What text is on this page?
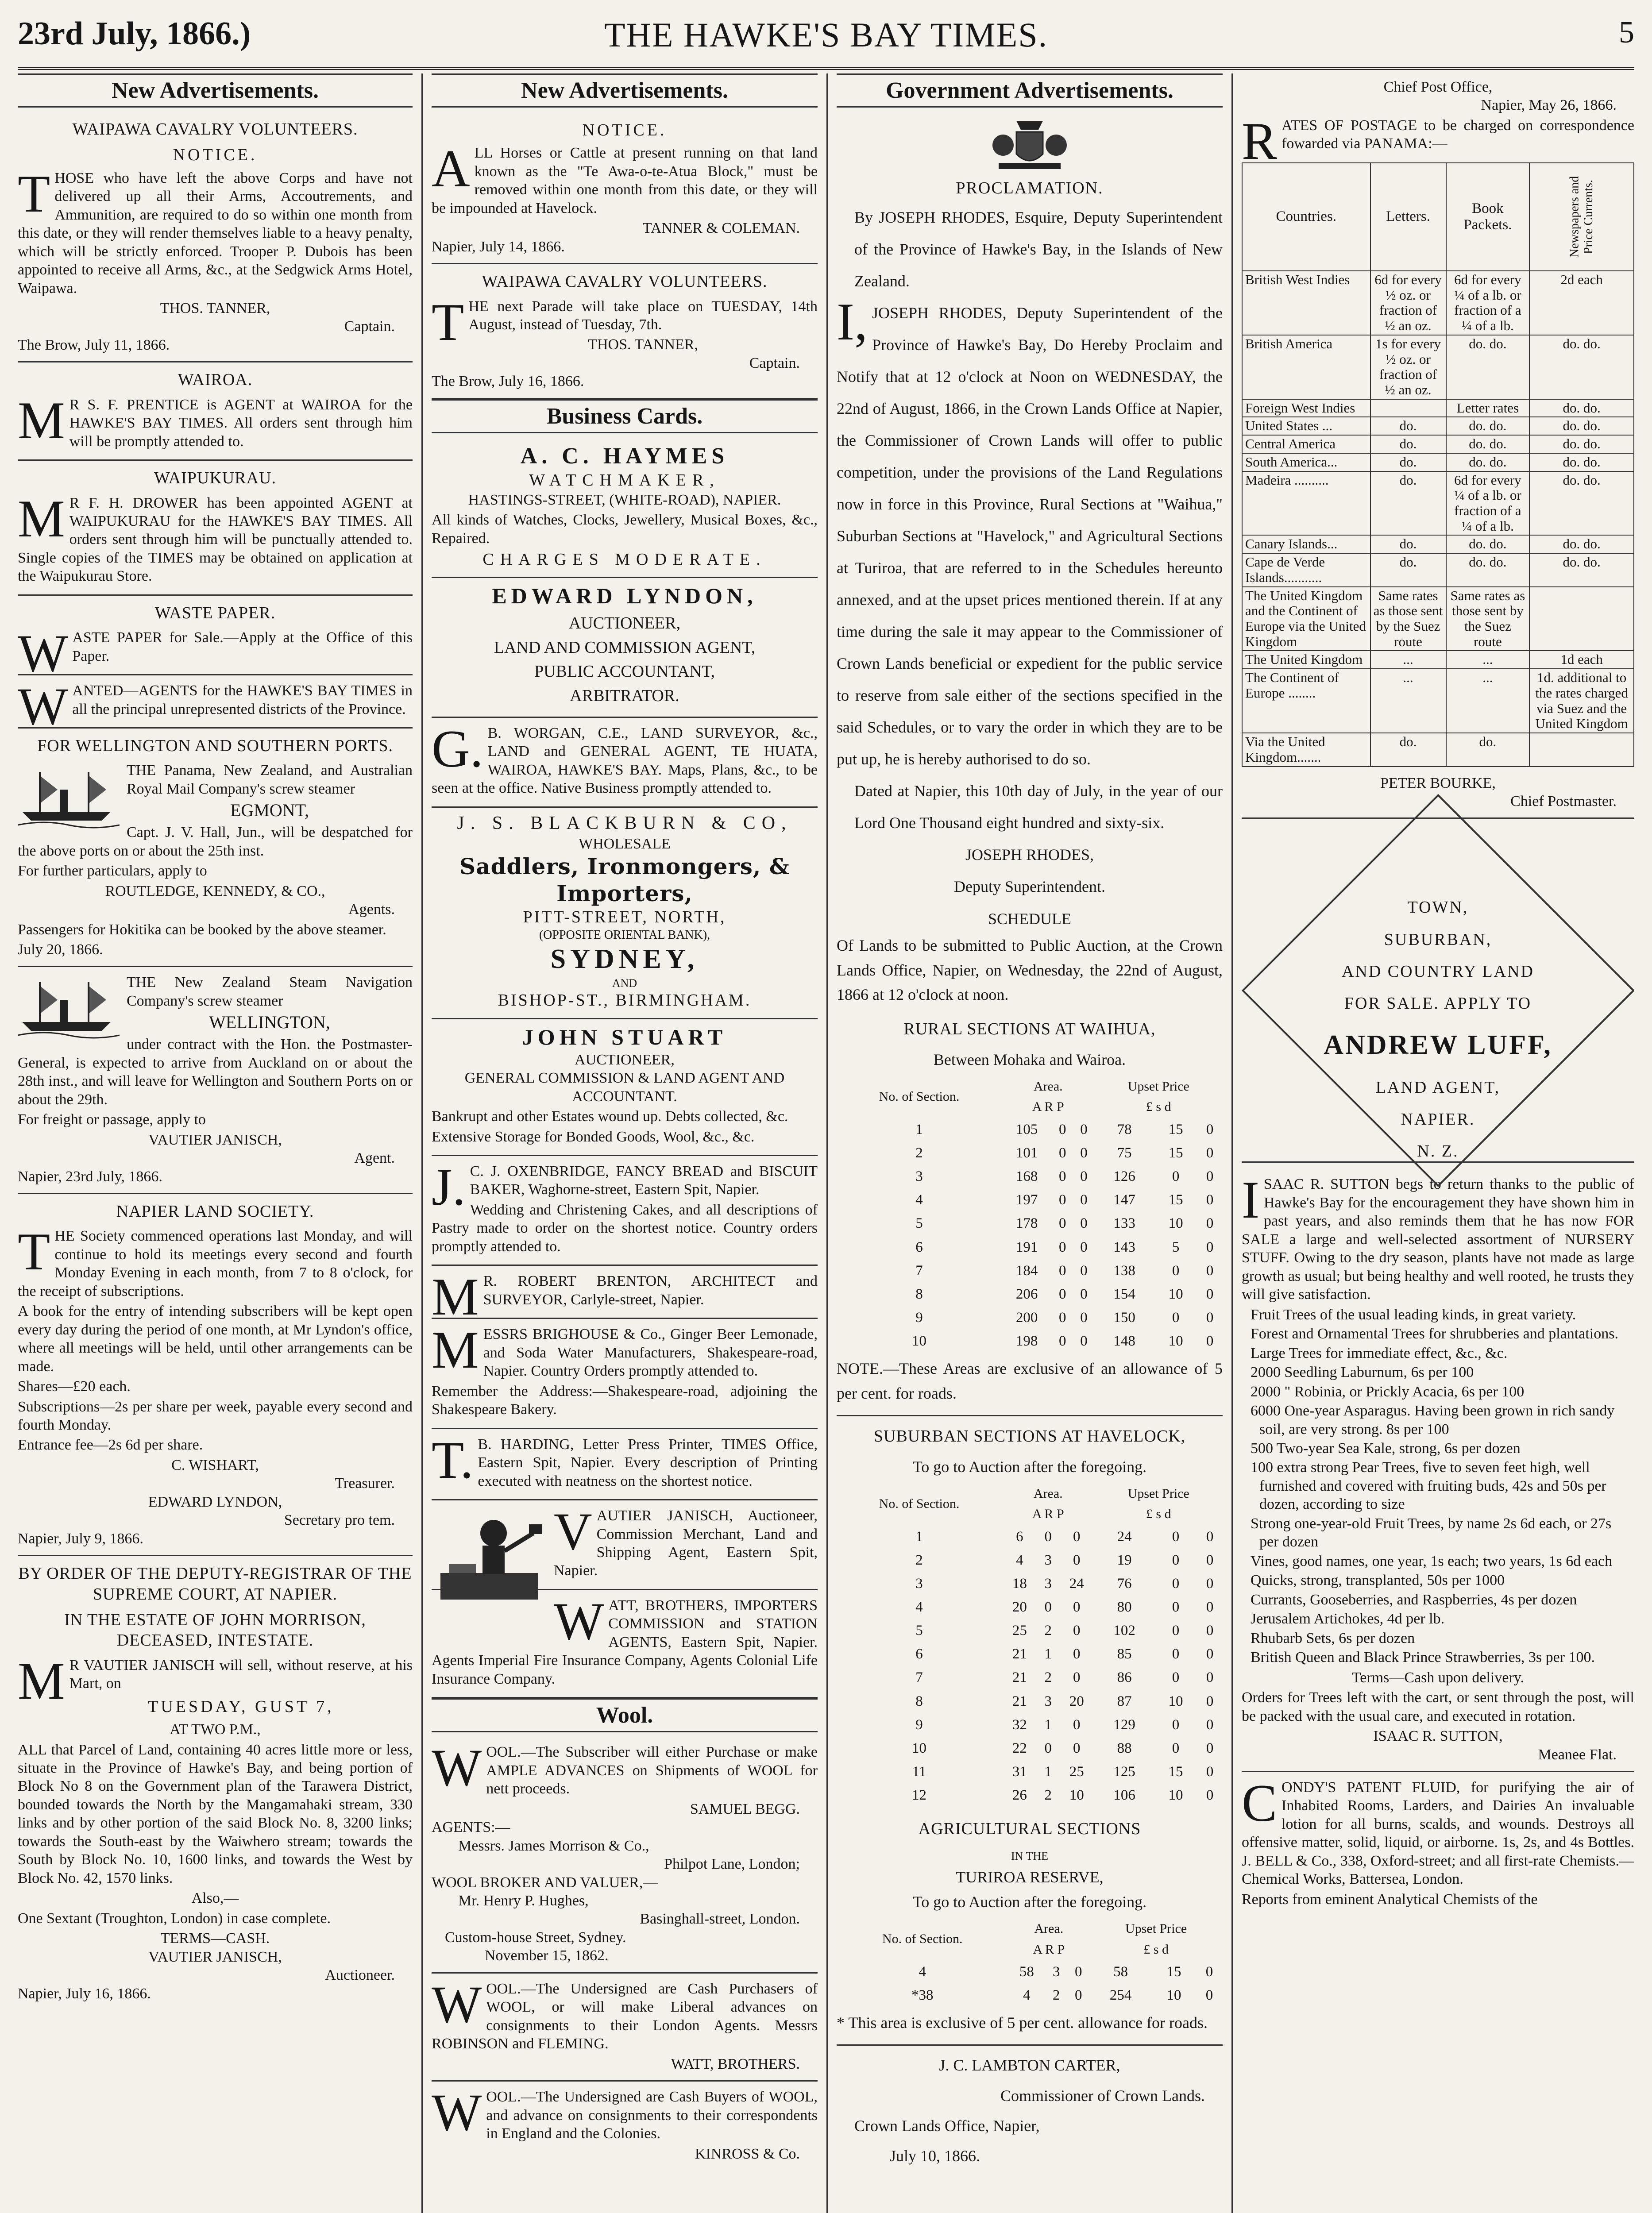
23rd July, 1866.)	THE HAWKE'S BAY TIMES.	5
New Advertisements.
WAIPAWA CAVALRY VOLUNTEERS.
NOTICE.

THOSE who have left the above Corps and have not delivered up all their Arms, Accoutrements, and Ammunition, are required to do so within one month from this date, or they will render themselves liable to a heavy penalty, which will be strictly enforced. Trooper P. Dubois has been appointed to receive all Arms, &c., at the Sedgwick Arms Hotel, Waipawa.

THOS. TANNER,
Captain.
The Brow, July 11, 1866.
WAIROA.

MR S. F. PRENTICE is AGENT at WAIROA for the HAWKE'S BAY TIMES. All orders sent through him will be promptly attended to.

WAIPUKURAU.

MR F. H. DROWER has been appointed AGENT at WAIPUKURAU for the HAWKE'S BAY TIMES. All orders sent through him will be punctually attended to. Single copies of the TIMES may be obtained on application at the Waipukurau Store.

WASTE PAPER.

WASTE PAPER for Sale.—Apply at the Office of this Paper.

WANTED—AGENTS for the HAWKE'S BAY TIMES in all the principal unrepresented districts of the Province.

FOR WELLINGTON AND SOUTHERN PORTS.

THE Panama, New Zealand, and Australian Royal Mail Company's screw steamer

EGMONT,

Capt. J. V. Hall, Jun., will be despatched for the above ports on or about the 25th inst.

For further particulars, apply to

ROUTLEDGE, KENNEDY, & CO.,
Agents.

Passengers for Hokitika can be booked by the above steamer.

July 20, 1866.

THE New Zealand Steam Navigation Company's screw steamer

WELLINGTON,

under contract with the Hon. the Postmaster-General, is expected to arrive from Auckland on or about the 28th inst., and will leave for Wellington and Southern Ports on or about the 29th.

For freight or passage, apply to

VAUTIER JANISCH,
Agent.
Napier, 23rd July, 1866.
NAPIER LAND SOCIETY.

THE Society commenced operations last Monday, and will continue to hold its meetings every second and fourth Monday Evening in each month, from 7 to 8 o'clock, for the receipt of subscriptions.

A book for the entry of intending subscribers will be kept open every day during the period of one month, at Mr Lyndon's office, where all meetings will be held, until other arrangements can be made.

Shares—£20 each.

Subscriptions—2s per share per week, payable every second and fourth Monday.

Entrance fee—2s 6d per share.

C. WISHART,
Treasurer.
EDWARD LYNDON,
Secretary pro tem.
Napier, July 9, 1866.
BY ORDER OF THE DEPUTY-REGISTRAR OF THE SUPREME COURT, AT NAPIER.
IN THE ESTATE OF JOHN MORRISON, DECEASED, INTESTATE.

MR VAUTIER JANISCH will sell, without reserve, at his Mart, on

TUESDAY, GUST 7,
AT TWO P.M.,

ALL that Parcel of Land, containing 40 acres little more or less, situate in the Province of Hawke's Bay, and being portion of Block No 8 on the Government plan of the Tarawera District, bounded towards the North by the Mangamahaki stream, 330 links and by other portion of the said Block No. 8, 3200 links; towards the South-east by the Waiwhero stream; towards the South by Block No. 10, 1600 links, and towards the West by Block No. 42, 1570 links.

Also,—

One Sextant (Troughton, London) in case complete.

TERMS—CASH.
VAUTIER JANISCH,
Auctioneer.
Napier, July 16, 1866.
New Advertisements.
NOTICE.

ALL Horses or Cattle at present running on that land known as the "Te Awa-o-te-Atua Block," must be removed within one month from this date, or they will be impounded at Havelock.

TANNER & COLEMAN.
Napier, July 14, 1866.
WAIPAWA CAVALRY VOLUNTEERS.

THE next Parade will take place on TUESDAY, 14th August, instead of Tuesday, 7th.

THOS. TANNER,
Captain.
The Brow, July 16, 1866.
Business Cards.
A. C. HAYMES
WATCHMAKER,
HASTINGS-STREET, (WHITE-ROAD), NAPIER.

All kinds of Watches, Clocks, Jewellery, Musical Boxes, &c., Repaired.

CHARGES MODERATE.
EDWARD LYNDON,
AUCTIONEER,
LAND AND COMMISSION AGENT,
PUBLIC ACCOUNTANT,
ARBITRATOR.

G.B. WORGAN, C.E., LAND SURVEYOR, &c., LAND and GENERAL AGENT, TE HUATA, WAIROA, HAWKE'S BAY. Maps, Plans, &c., to be seen at the office. Native Business promptly attended to.

J. S. BLACKBURN & CO,
WHOLESALE
Saddlers, Ironmongers, & Importers,
PITT-STREET, NORTH,
(OPPOSITE ORIENTAL BANK),
SYDNEY,
AND
BISHOP-ST., BIRMINGHAM.
JOHN STUART
AUCTIONEER,
GENERAL COMMISSION & LAND AGENT AND ACCOUNTANT.

Bankrupt and other Estates wound up. Debts collected, &c.

Extensive Storage for Bonded Goods, Wool, &c., &c.

J.C. J. OXENBRIDGE, FANCY BREAD and BISCUIT BAKER, Waghorne-street, Eastern Spit, Napier.

Wedding and Christening Cakes, and all descriptions of Pastry made to order on the shortest notice. Country orders promptly attended to.

MR. ROBERT BRENTON, ARCHITECT and SURVEYOR, Carlyle-street, Napier.

MESSRS BRIGHOUSE & Co., Ginger Beer Lemonade, and Soda Water Manufacturers, Shakespeare-road, Napier. Country Orders promptly attended to.

Remember the Address:—Shakespeare-road, adjoining the Shakespeare Bakery.

T.B. HARDING, Letter Press Printer, TIMES Office, Eastern Spit, Napier. Every description of Printing executed with neatness on the shortest notice.

VAUTIER JANISCH, Auctioneer, Commission Merchant, Land and Shipping Agent, Eastern Spit, Napier.

WATT, BROTHERS, IMPORTERS COMMISSION and STATION AGENTS, Eastern Spit, Napier. Agents Imperial Fire Insurance Company, Agents Colonial Life Insurance Company.

Wool.

WOOL.—The Subscriber will either Purchase or make AMPLE ADVANCES on Shipments of WOOL for nett proceeds.

SAMUEL BEGG.
AGENTS:—
Messrs. James Morrison & Co.,
Philpot Lane, London;
WOOL BROKER AND VALUER,—
Mr. Henry P. Hughes,
Basinghall-street, London.
Custom-house Street, Sydney.
November 15, 1862.

WOOL.—The Undersigned are Cash Purchasers of WOOL, or will make Liberal advances on consignments to their London Agents. Messrs ROBINSON and FLEMING.

WATT, BROTHERS.

WOOL.—The Undersigned are Cash Buyers of WOOL, and advance on consignments to their correspondents in England and the Colonies.

KINROSS & Co.
Government Advertisements.
PROCLAMATION.

By JOSEPH RHODES, Esquire, Deputy Superintendent of the Province of Hawke's Bay, in the Islands of New Zealand.

I,JOSEPH RHODES, Deputy Superintendent of the Province of Hawke's Bay, Do Hereby Proclaim and Notify that at 12 o'clock at Noon on WEDNESDAY, the 22nd of August, 1866, in the Crown Lands Office at Napier, the Commissioner of Crown Lands will offer to public competition, under the provisions of the Land Regulations now in force in this Province, Rural Sections at "Waihua," Suburban Sections at "Havelock," and Agricultural Sections at Turiroa, that are referred to in the Schedules hereunto annexed, and at the upset prices mentioned therein. If at any time during the sale it may appear to the Commissioner of Crown Lands beneficial or expedient for the public service to reserve from sale either of the sections specified in the said Schedules, or to vary the order in which they are to be put up, he is hereby authorised to do so.

Dated at Napier, this 10th day of July, in the year of our Lord One Thousand eight hundred and sixty-six.

JOSEPH RHODES,

Deputy Superintendent.

SCHEDULE

Of Lands to be submitted to Public Auction, at the Crown Lands Office, Napier, on Wednesday, the 22nd of August, 1866 at 12 o'clock at noon.

RURAL SECTIONS AT WAIHUA,
Between Mohaka and Wairoa.
No. of Section.	Area.
A R P			Upset Price
£ s d		
1	105	0	0	78	15	0
2	101	0	0	75	15	0
3	168	0	0	126	0	0
4	197	0	0	147	15	0
5	178	0	0	133	10	0
6	191	0	0	143	5	0
7	184	0	0	138	0	0
8	206	0	0	154	10	0
9	200	0	0	150	0	0
10	198	0	0	148	10	0

NOTE.—These Areas are exclusive of an allowance of 5 per cent. for roads.

SUBURBAN SECTIONS AT HAVELOCK,
To go to Auction after the foregoing.
No. of Section.	Area.
A R P			Upset Price
£ s d		
1	6	0	0	24	0	0
2	4	3	0	19	0	0
3	18	3	24	76	0	0
4	20	0	0	80	0	0
5	25	2	0	102	0	0
6	21	1	0	85	0	0
7	21	2	0	86	0	0
8	21	3	20	87	10	0
9	32	1	0	129	0	0
10	22	0	0	88	0	0
11	31	1	25	125	15	0
12	26	2	10	106	10	0
AGRICULTURAL SECTIONS
IN THE
TURIROA RESERVE,
To go to Auction after the foregoing.
No. of Section.	Area.
A R P			Upset Price
£ s d		
4	58	3	0	58	15	0
*38	4	2	0	254	10	0

* This area is exclusive of 5 per cent. allowance for roads.

J. C. LAMBTON CARTER,
Commissioner of Crown Lands.
Crown Lands Office, Napier,
July 10, 1866.
Chief Post Office,
Napier, May 26, 1866.

RATES OF POSTAGE to be charged on correspondence fowarded via PANAMA:—

Countries.	Letters.	Book Packets.	Newspapers and Price Currents.
British West Indies	6d for every ½ oz. or fraction of ½ an oz.	6d for every ¼ of a lb. or fraction of a ¼ of a lb.	2d each
British America	1s for every ½ oz. or fraction of ½ an oz.	do. do.	do. do.
Foreign West Indies		Letter rates	do. do.
United States ...	do.	do. do.	do. do.
Central America	do.	do. do.	do. do.
South America...	do.	do. do.	do. do.
Madeira ..........	do.	6d for every ¼ of a lb. or fraction of a ¼ of a lb.	do. do.
Canary Islands...	do.	do. do.	do. do.
Cape de Verde Islands...........	do.	do. do.	do. do.
The United Kingdom and the Continent of Europe via the United Kingdom	Same rates as those sent by the Suez route	Same rates as those sent by the Suez route	
The United Kingdom	...	...	1d each
The Continent of Europe ........	...	...	1d. additional to the rates charged via Suez and the United Kingdom
Via the United Kingdom.......	do.	do.	
PETER BOURKE,
Chief Postmaster.
TOWN,
SUBURBAN,
AND COUNTRY LAND
FOR SALE. APPLY TO
ANDREW LUFF,
LAND AGENT,
NAPIER.
N. Z.

ISAAC R. SUTTON begs to return thanks to the public of Hawke's Bay for the encouragement they have shown him in past years, and also reminds them that he has now FOR SALE a large and well-selected assortment of NURSERY STUFF. Owing to the dry season, plants have not made as large growth as usual; but being healthy and well rooted, he trusts they will give satisfaction.

Fruit Trees of the usual leading kinds, in great variety.
Forest and Ornamental Trees for shrubberies and plantations.
Large Trees for immediate effect, &c., &c.
2000 Seedling Laburnum, 6s per 100
2000 " Robinia, or Prickly Acacia, 6s per 100
6000 One-year Asparagus. Having been grown in rich sandy soil, are very strong. 8s per 100
500 Two-year Sea Kale, strong, 6s per dozen
100 extra strong Pear Trees, five to seven feet high, well furnished and covered with fruiting buds, 42s and 50s per dozen, according to size
Strong one-year-old Fruit Trees, by name 2s 6d each, or 27s per dozen
Vines, good names, one year, 1s each; two years, 1s 6d each
Quicks, strong, transplanted, 50s per 1000
Currants, Gooseberries, and Raspberries, 4s per dozen
Jerusalem Artichokes, 4d per lb.
Rhubarb Sets, 6s per dozen
British Queen and Black Prince Strawberries, 3s per 100.
Terms—Cash upon delivery.

Orders for Trees left with the cart, or sent through the post, will be packed with the usual care, and executed in rotation.

ISAAC R. SUTTON,
Meanee Flat.

CONDY'S PATENT FLUID, for purifying the air of Inhabited Rooms, Larders, and Dairies An invaluable lotion for all burns, scalds, and wounds. Destroys all offensive matter, solid, liquid, or airborne. 1s, 2s, and 4s Bottles. J. BELL & Co., 338, Oxford-street; and all first-rate Chemists.—Chemical Works, Battersea, London.

Reports from eminent Analytical Chemists of the
